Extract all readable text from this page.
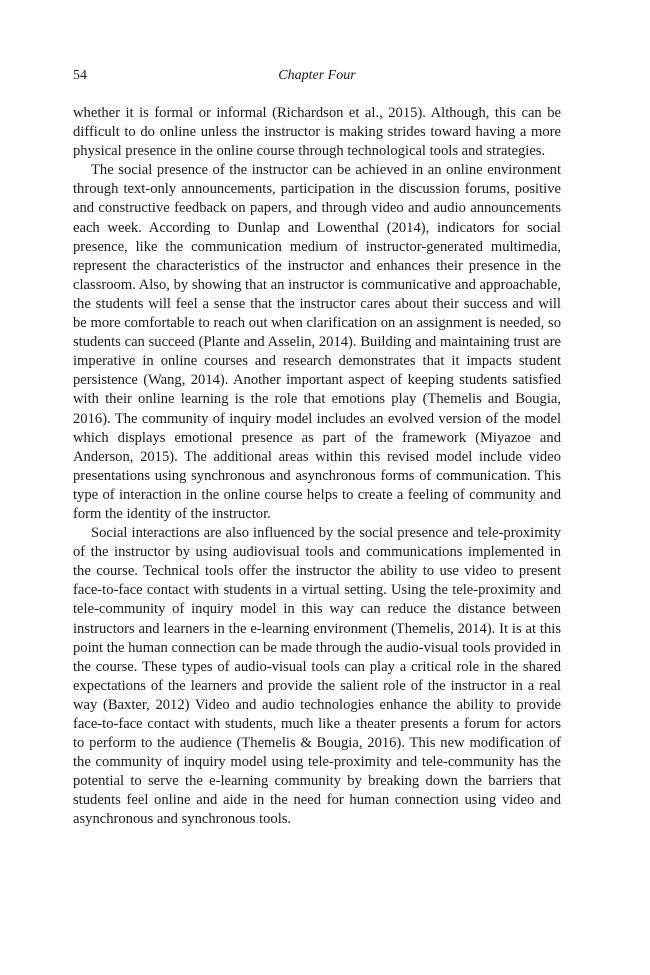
54	Chapter Four

whether it is formal or informal (Richardson et al., 2015). Although, this can be difficult to do online unless the instructor is making strides toward having a more physical presence in the online course through technological tools and strategies.

The social presence of the instructor can be achieved in an online environment through text-only announcements, participation in the discussion forums, positive and constructive feedback on papers, and through video and audio announcements each week. According to Dunlap and Lowenthal (2014), indicators for social presence, like the communication medium of instructor-generated multimedia, represent the characteristics of the instructor and enhances their presence in the classroom. Also, by showing that an instructor is communicative and approachable, the students will feel a sense that the instructor cares about their success and will be more comfortable to reach out when clarification on an assignment is needed, so students can succeed (Plante and Asselin, 2014). Building and maintaining trust are imperative in online courses and research demonstrates that it impacts student persistence (Wang, 2014). Another important aspect of keeping students satisfied with their online learning is the role that emotions play (Themelis and Bougia, 2016). The community of inquiry model includes an evolved version of the model which displays emotional presence as part of the framework (Miyazoe and Anderson, 2015). The additional areas within this revised model include video presentations using synchronous and asynchronous forms of communication. This type of interaction in the online course helps to create a feeling of community and form the identity of the instructor.

Social interactions are also influenced by the social presence and tele-proximity of the instructor by using audiovisual tools and communications implemented in the course. Technical tools offer the instructor the ability to use video to present face-to-face contact with students in a virtual setting. Using the tele-proximity and tele-community of inquiry model in this way can reduce the distance between instructors and learners in the e-learning environment (Themelis, 2014). It is at this point the human connection can be made through the audio-visual tools provided in the course. These types of audio-visual tools can play a critical role in the shared expectations of the learners and provide the salient role of the instructor in a real way (Baxter, 2012) Video and audio technologies enhance the ability to provide face-to-face contact with students, much like a theater presents a forum for actors to perform to the audience (Themelis & Bougia, 2016). This new modification of the community of inquiry model using tele-proximity and tele-community has the potential to serve the e-learning community by breaking down the barriers that students feel online and aide in the need for human connection using video and asynchronous and synchronous tools.
